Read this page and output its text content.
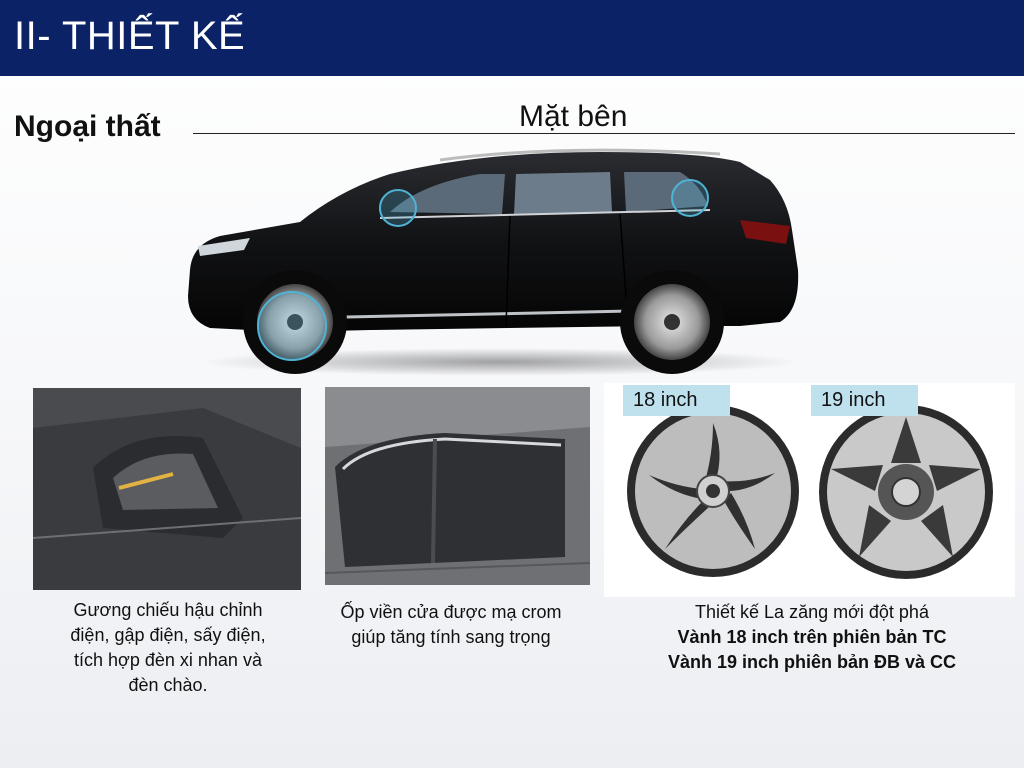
II- THIẾT KẾ
Ngoại thất	Mặt bên
18 inch	19 inch
Gương chiếu hậu chỉnh
điện, gập điện, sấy điện,
tích hợp đèn xi nhan và
đèn chào.
Ốp viền cửa được mạ crom
giúp tăng tính sang trọng
Thiết kế La zăng mới đột phá
Vành 18 inch trên phiên bản TC
Vành 19 inch phiên bản ĐB và CC
